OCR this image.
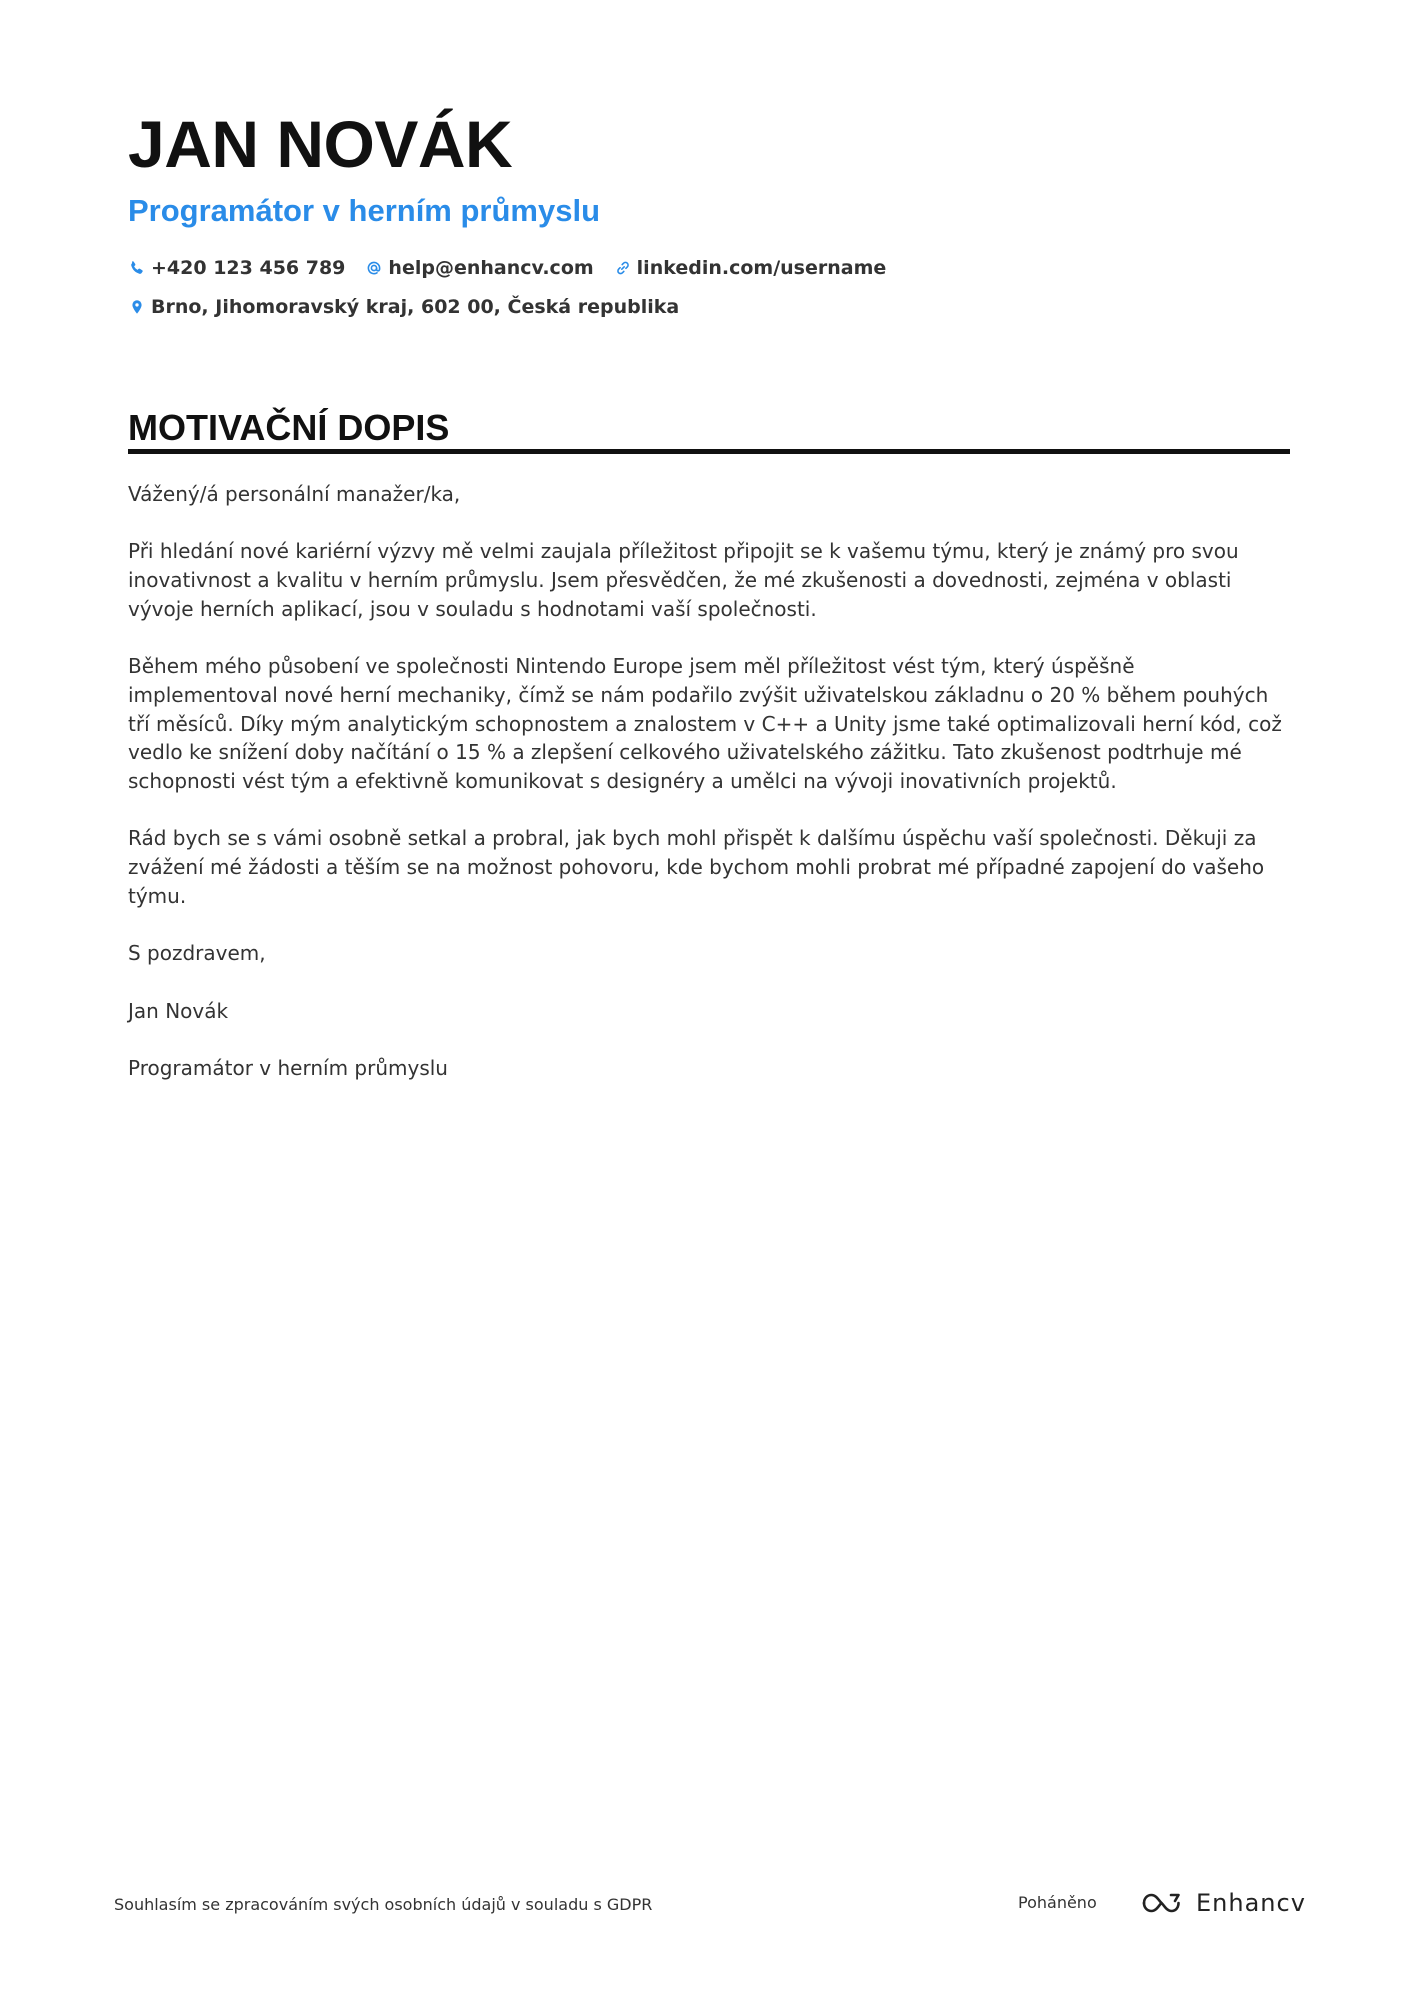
JAN NOVÁK
Programátor v herním průmyslu
+420 123 456 789 help@enhancv.com linkedin.com/username
Brno, Jihomoravský kraj, 602 00, Česká republika
MOTIVAČNÍ DOPIS

Vážený/á personální manažer/ka,

Při hledání nové kariérní výzvy mě velmi zaujala příležitost připojit se k vašemu týmu, který je známý pro svou inovativnost a kvalitu v herním průmyslu. Jsem přesvědčen, že mé zkušenosti a dovednosti, zejména v oblasti vývoje herních aplikací, jsou v souladu s hodnotami vaší společnosti.

Během mého působení ve společnosti Nintendo Europe jsem měl příležitost vést tým, který úspěšně implementoval nové herní mechaniky, čímž se nám podařilo zvýšit uživatelskou základnu o 20 % během pouhých tří měsíců. Díky mým analytickým schopnostem a znalostem v C++ a Unity jsme také optimalizovali herní kód, což vedlo ke snížení doby načítání o 15 % a zlepšení celkového uživatelského zážitku. Tato zkušenost podtrhuje mé schopnosti vést tým a efektivně komunikovat s designéry a umělci na vývoji inovativních projektů.

Rád bych se s vámi osobně setkal a probral, jak bych mohl přispět k dalšímu úspěchu vaší společnosti. Děkuji za zvážení mé žádosti a těším se na možnost pohovoru, kde bychom mohli probrat mé případné zapojení do vašeho týmu.

S pozdravem,

Jan Novák

Programátor v herním průmyslu

Souhlasím se zpracováním svých osobních údajů v souladu s GDPR	Poháněno	Enhancv
